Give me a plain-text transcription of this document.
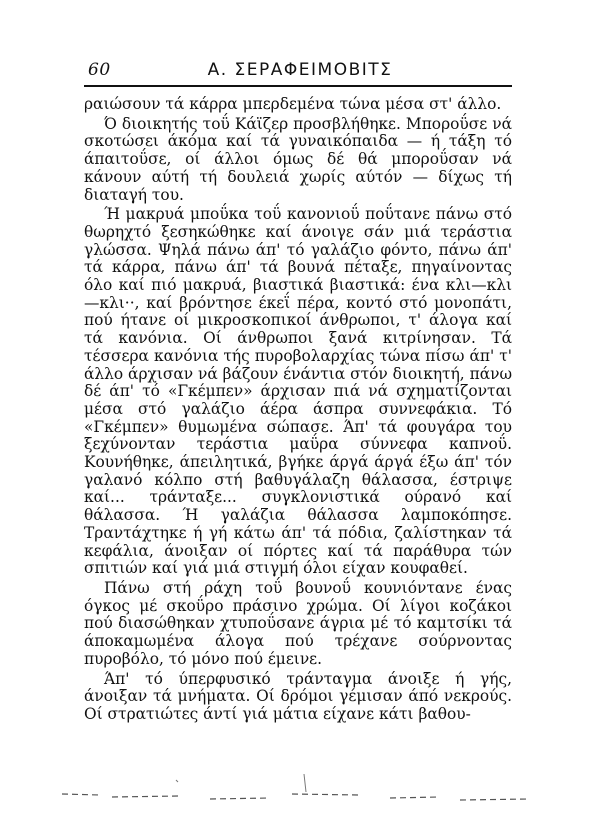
60	Α. ΣΕΡΑΦΕΙΜΟΒΙΤΣ

ραιώσουν τά κάρρα μπερδεμένα τώνα μέσα στ' άλλο.

Ό διοικητής τοΰ Κάϊζερ προσβλήθηκε. Μποροΰσε νά σκοτώσει άκόμα καί τά γυναικόπαιδα — ή τάξη τό άπαιτοΰσε, οί άλλοι όμως δέ θά μποροΰσαν νά κάνουν αύτή τή δουλειά χωρίς αύτόν — δίχως τή διαταγή του.

Ή μακρυά μποΰκα τοΰ κανονιοΰ ποΰτανε πάνω στό θωρηχτό ξεσηκώθηκε καί άνοιγε σάν μιά τεράστια γλώσσα. Ψηλά πάνω άπ' τό γαλάζιο φόντο, πάνω άπ' τά κάρρα, πάνω άπ' τά βουνά πέταξε, πηγαίνοντας όλο καί πιό μακρυά, βιαστικά βιαστικά: ένα κλι—κλι—κλι··, καί βρόντησε έκεΐ πέρα, κοντό στό μονοπάτι, πού ήτανε οί μικροσκοπικοί άνθρωποι, τ' άλογα καί τά κανόνια. Οί άνθρωποι ξανά κιτρίνησαν. Τά τέσσερα κανόνια τής πυροβολαρχίας τώνα πίσω άπ' τ' άλλο άρχισαν νά βάζουν ένάντια στόν διοικητή, πάνω δέ άπ' τό «Γκέμπεν» άρχισαν πιά νά σχηματίζονται μέσα στό γαλάζιο άέρα άσπρα συννεφάκια. Τό «Γκέμπεν» θυμωμένα σώπασε. Άπ' τά φουγάρα του ξεχύνονταν τεράστια μαΰρα σύννεφα καπνοΰ. Κουνήθηκε, άπειλητικά, βγήκε άργά άργά έξω άπ' τόν γαλανό κόλπο στή βαθυγάλαζη θάλασσα, έστριψε καί... τράνταξε... συγκλονιστικά ούρανό καί θάλασσα. Ή γαλάζια θάλασσα λαμποκόπησε. Τραντάχτηκε ή γή κάτω άπ' τά πόδια, ζαλίστηκαν τά κεφάλια, άνοιξαν οί πόρτες καί τά παράθυρα τών σπιτιών καί γιά μιά στιγμή όλοι είχαν κουφαθεί.

Πάνω στή ράχη τοΰ βουνοΰ κουνιόντανε ένας όγκος μέ σκοΰρο πράσινο χρώμα. Οί λίγοι κοζάκοι πού διασώθηκαν χτυποΰσανε άγρια μέ τό καμτσίκι τά άποκαμωμένα άλογα πού τρέχανε σούρνοντας πυροβόλο, τό μόνο πού έμεινε.

Άπ' τό ύπερφυσικό τράνταγμα άνοιξε ή γής, άνοιξαν τά μνήματα. Οί δρόμοι γέμισαν άπό νεκρούς. Οί στρατιώτες άντί γιά μάτια είχανε κάτι βαθου-
